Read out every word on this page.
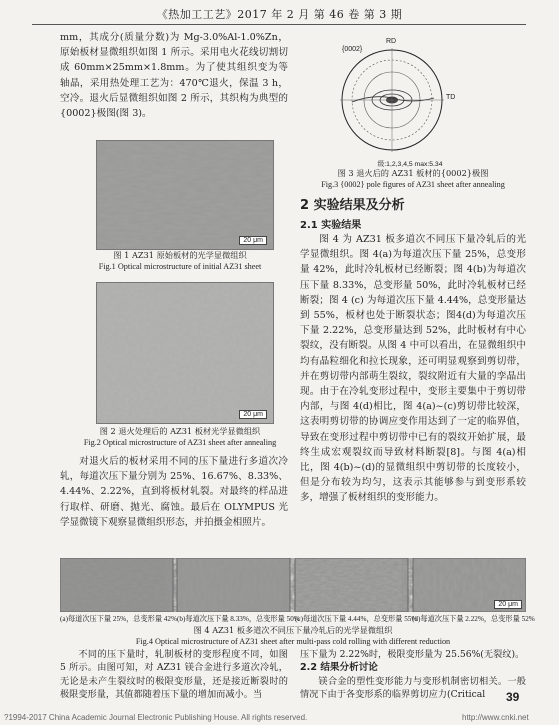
《热加工工艺》2017 年 2 月 第 46 卷 第 3 期

mm，其成分(质量分数)为 Mg-3.0%Al-1.0%Zn，原始板材显微组织如图 1 所示。采用电火花线切割切成 60mm×25mm×1.8mm。为了使其组织变为等轴晶，采用热处理工艺为：470℃退火，保温 3 h，空冷。退火后显微组织如图 2 所示，其织构为典型的{0002}极图(图 3)。

20 μm
图 1 AZ31 原始板材的光学显微组织
Fig.1 Optical microstructure of initial AZ31 sheet
20 μm
图 2 退火处理后的 AZ31 板材光学显微组织
Fig.2 Optical microstructure of AZ31 sheet after annealing

对退火后的板材采用不同的压下量进行多道次冷轧，每道次压下量分别为 25%、16.67%、8.33%、4.44%、2.22%，直到将板材轧裂。对最终的样品进行取样、研磨、抛光、腐蚀。最后在 OLYMPUS 光学显微镜下观察显微组织形态，并拍摄金相照片。

RD
TD
{0002}
级:1,2,3,4,5 max:5.34
图 3 退火后的 AZ31 板材的{0002}极图
Fig.3 {0002} pole figures of AZ31 sheet after annealing
2 实验结果及分析
2.1 实验结果

图 4 为 AZ31 板多道次不同压下量冷轧后的光学显微组织。图 4(a)为每道次压下量 25%，总变形量 42%，此时冷轧板材已经断裂；图 4(b)为每道次压下量 8.33%，总变形量 50%，此时冷轧板材已经断裂；图 4 (c) 为每道次压下量 4.44%，总变形量达到 55%，板材也处于断裂状态；图4(d)为每道次压下量 2.22%，总变形量达到 52%，此时板材有中心裂纹，没有断裂。从图 4 中可以看出，在显微组织中均有晶粒细化和拉长现象，还可明显观察到剪切带，并在剪切带内部萌生裂纹，裂纹附近有大量的孪晶出现。由于在冷轧变形过程中，变形主要集中于剪切带内部，与图 4(d)相比，图 4(a)~(c)剪切带比较深，这表明剪切带的协调应变作用达到了一定的临界值，导致在变形过程中剪切带中已有的裂纹开始扩展，最终生成宏观裂纹而导致材料断裂[8]。与图 4(a)相比，图 4(b)~(d)的显微组织中剪切带的长度较小，但是分布较为均匀，这表示其能够参与到变形系较多，增强了板材组织的变形能力。

20 μm
(a)每道次压下量 25%，总变形量 42% (b)每道次压下量 8.33%，总变形量 50%
(c)每道次压下量 4.44%，总变形量 55%
(d)每道次压下量 2.22%，总变形量 52%
图 4 AZ31 板多道次不同压下量冷轧后的光学显微组织
Fig.4 Optical microstructure of AZ31 sheet after multi-pass cold rolling with different reduction

不同的压下量时，轧制板材的变形程度不同，如图 5 所示。由图可知，对 AZ31 镁合金进行多道次冷轧，无论是未产生裂纹时的极限变形量，还是接近断裂时的极限变形量，其值都随着压下量的增加而减小。当

压下量为 2.22%时，极限变形量为 25.56%(无裂纹)。

2.2 结果分析讨论

镁合金的塑性变形能力与变形机制密切相关。一般情况下由于各变形系的临界剪切应力(Critical	39
?1994-2017 China Academic Journal Electronic Publishing House. All rights reserved.	http://www.cnki.net
